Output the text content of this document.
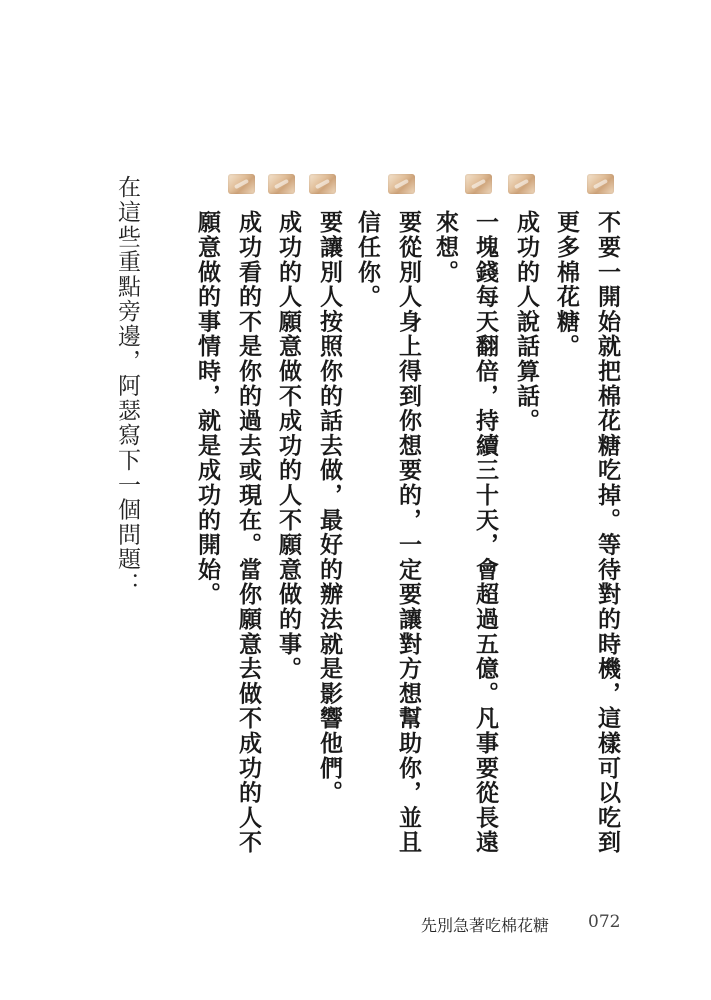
不要一開始就把棉花糖吃掉。等待對的時機，這樣可以吃到
更多棉花糖。
成功的人說話算話。
一塊錢每天翻倍，持續三十天，會超過五億。凡事要從長遠
來想。
要從別人身上得到你想要的，一定要讓對方想幫助你，並且
信任你。
要讓別人按照你的話去做，最好的辦法就是影響他們。
成功的人願意做不成功的人不願意做的事。
成功看的不是你的過去或現在。當你願意去做不成功的人不
願意做的事情時，就是成功的開始。
在這些重點旁邊，阿瑟寫下一個問題：
先別急著吃棉花糖 072
